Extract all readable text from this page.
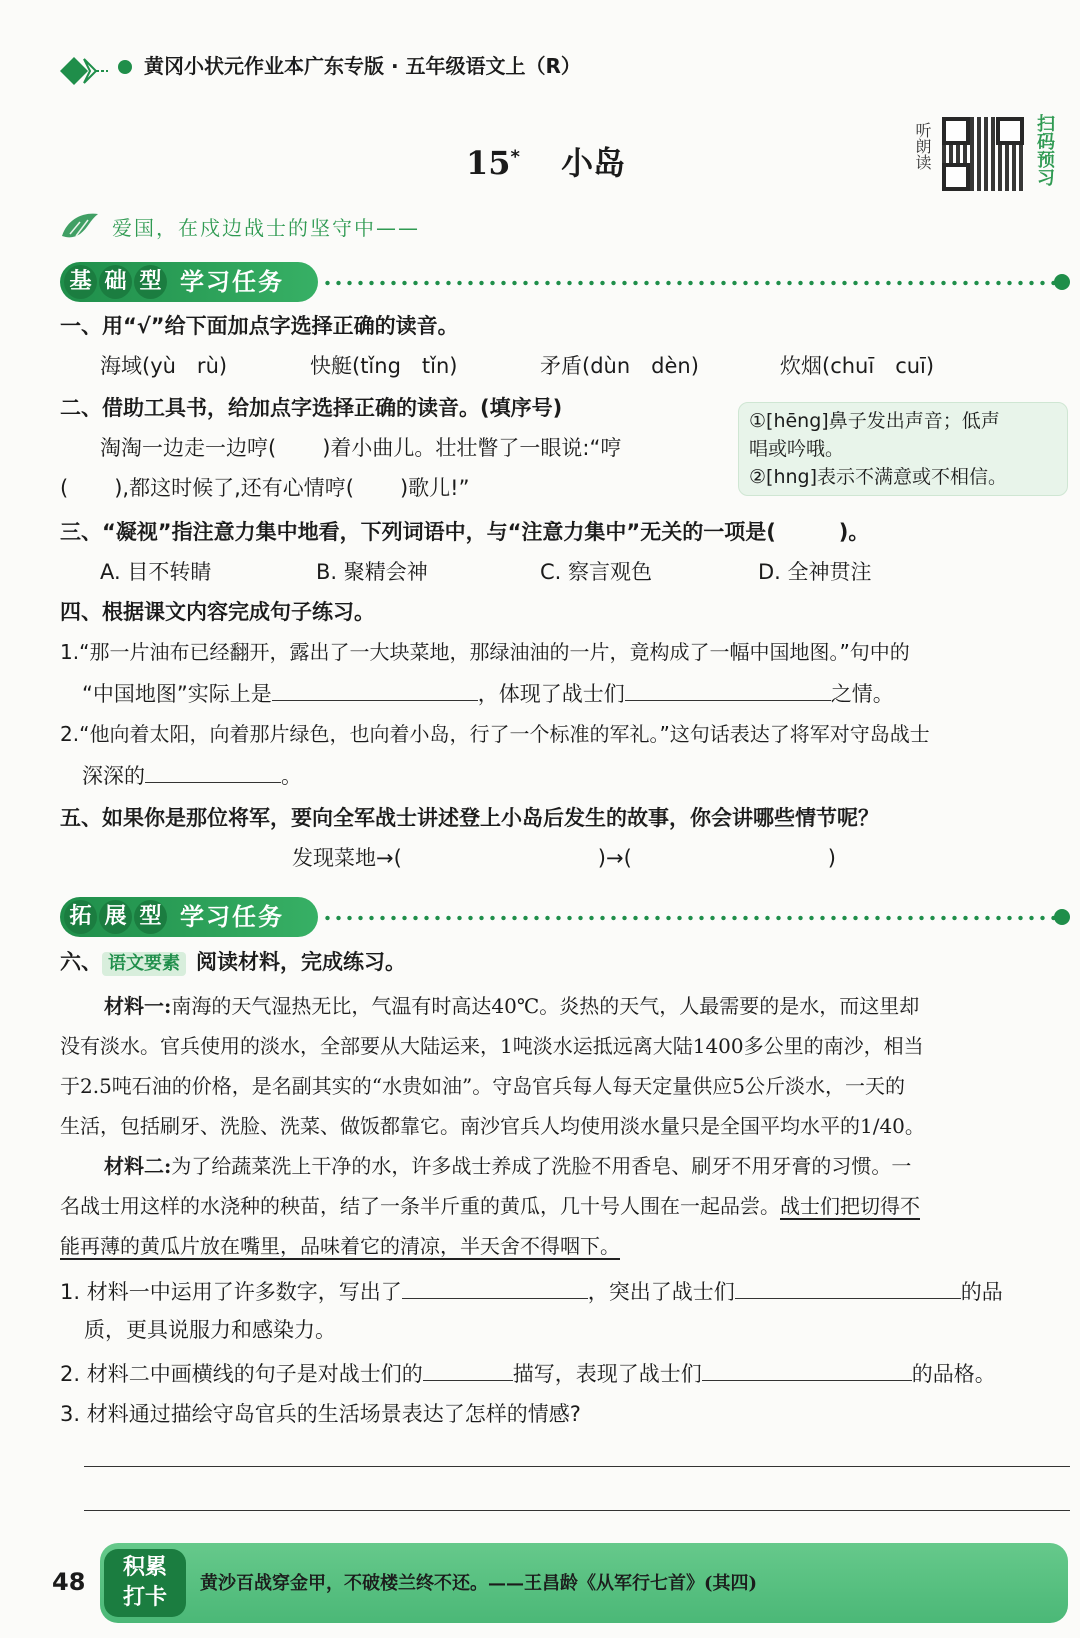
黄冈小状元作业本广东专版 · 五年级语文上（R）
15* 小岛	听朗读	扫码预习
爱国，在戍边战士的坚守中——
基 础 型 学习任务
一、用“√”给下面加点字选择正确的读音。
海域(yù　rù)	快艇(tǐng　tǐn)	矛盾(dùn　dèn)	炊烟(chuī　cuī)
二、借助工具书，给加点字选择正确的读音。(填序号)
淘淘一边走一边哼( )着小曲儿。壮壮瞥了一眼说:“哼
( ),都这时候了,还有心情哼( )歌儿!”
①[hēng]鼻子发出声音；低声
唱或吟哦。
②[hng]表示不满意或不相信。
三、“凝视”指注意力集中地看，下列词语中，与“注意力集中”无关的一项是(　　　)。
A. 目不转睛	B. 聚精会神	C. 察言观色	D. 全神贯注
四、根据课文内容完成句子练习。
1.“那一片油布已经翻开，露出了一大块菜地，那绿油油的一片，竟构成了一幅中国地图。”句中的
“中国地图”实际上是	，体现了战士们	之情。
2.“他向着太阳，向着那片绿色，也向着小岛，行了一个标准的军礼。”这句话表达了将军对守岛战士
深深的	。
五、如果你是那位将军，要向全军战士讲述登上小岛后发生的故事，你会讲哪些情节呢？
发现菜地→(	)→(	)
拓 展 型 学习任务
六、 语文要素 阅读材料，完成练习。
材料一:南海的天气湿热无比，气温有时高达40℃。炎热的天气，人最需要的是水，而这里却
没有淡水。官兵使用的淡水，全部要从大陆运来，1吨淡水运抵远离大陆1400多公里的南沙，相当
于2.5吨石油的价格，是名副其实的“水贵如油”。守岛官兵每人每天定量供应5公斤淡水，一天的
生活，包括刷牙、洗脸、洗菜、做饭都靠它。南沙官兵人均使用淡水量只是全国平均水平的1/40。
材料二:为了给蔬菜洗上干净的水，许多战士养成了洗脸不用香皂、刷牙不用牙膏的习惯。一
名战士用这样的水浇种的秧苗，结了一条半斤重的黄瓜，几十号人围在一起品尝。战士们把切得不
能再薄的黄瓜片放在嘴里，品味着它的清凉，半天舍不得咽下。
1. 材料一中运用了许多数字，写出了	，突出了战士们	的品
质，更具说服力和感染力。
2. 材料二中画横线的句子是对战士们的	描写，表现了战士们	的品格。
3. 材料通过描绘守岛官兵的生活场景表达了怎样的情感?
48
积累
打卡
黄沙百战穿金甲，不破楼兰终不还。——王昌龄《从军行七首》(其四)
